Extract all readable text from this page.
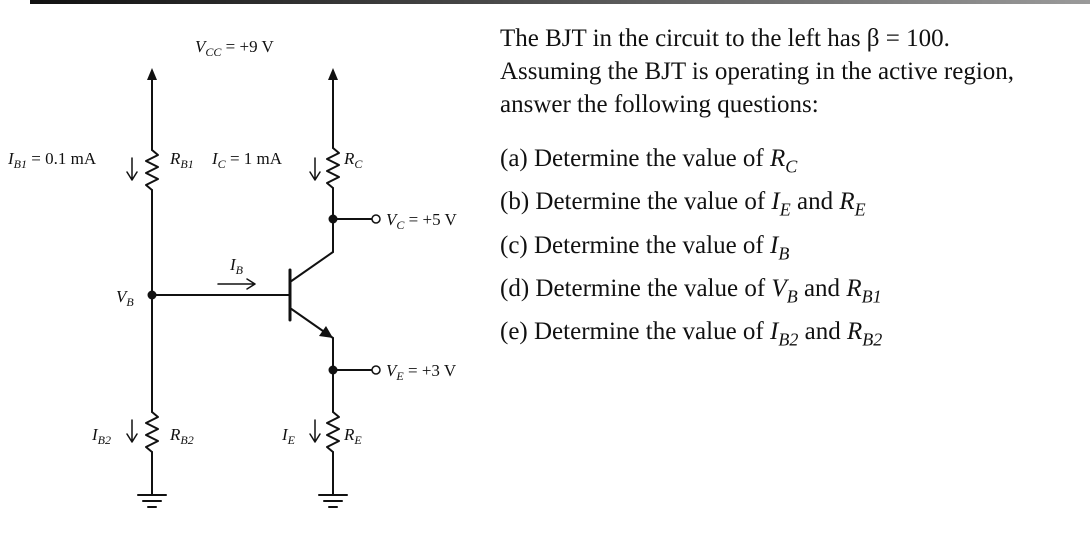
$V_{CC} = +9$ V
$I_{B1} = 0.1$ mA	$R_{B1}$ $I_C = 1$ mA	$R_C$
$V_C = +5$ V
$I_B$
$V_B$
$V_E = +3$ V
$I_{B2}$	$R_{B2}$	$I_E$	$R_E$

The BJT in the circuit to the left has β = 100.

Assuming the BJT is operating in the active region,

answer the following questions:

(a) Determine the value of $R_C$
(b) Determine the value of $I_E$ and $R_E$
(c) Determine the value of $I_B$
(d) Determine the value of $V_B$ and $R_{B1}$
(e) Determine the value of $I_{B2}$ and $R_{B2}$
